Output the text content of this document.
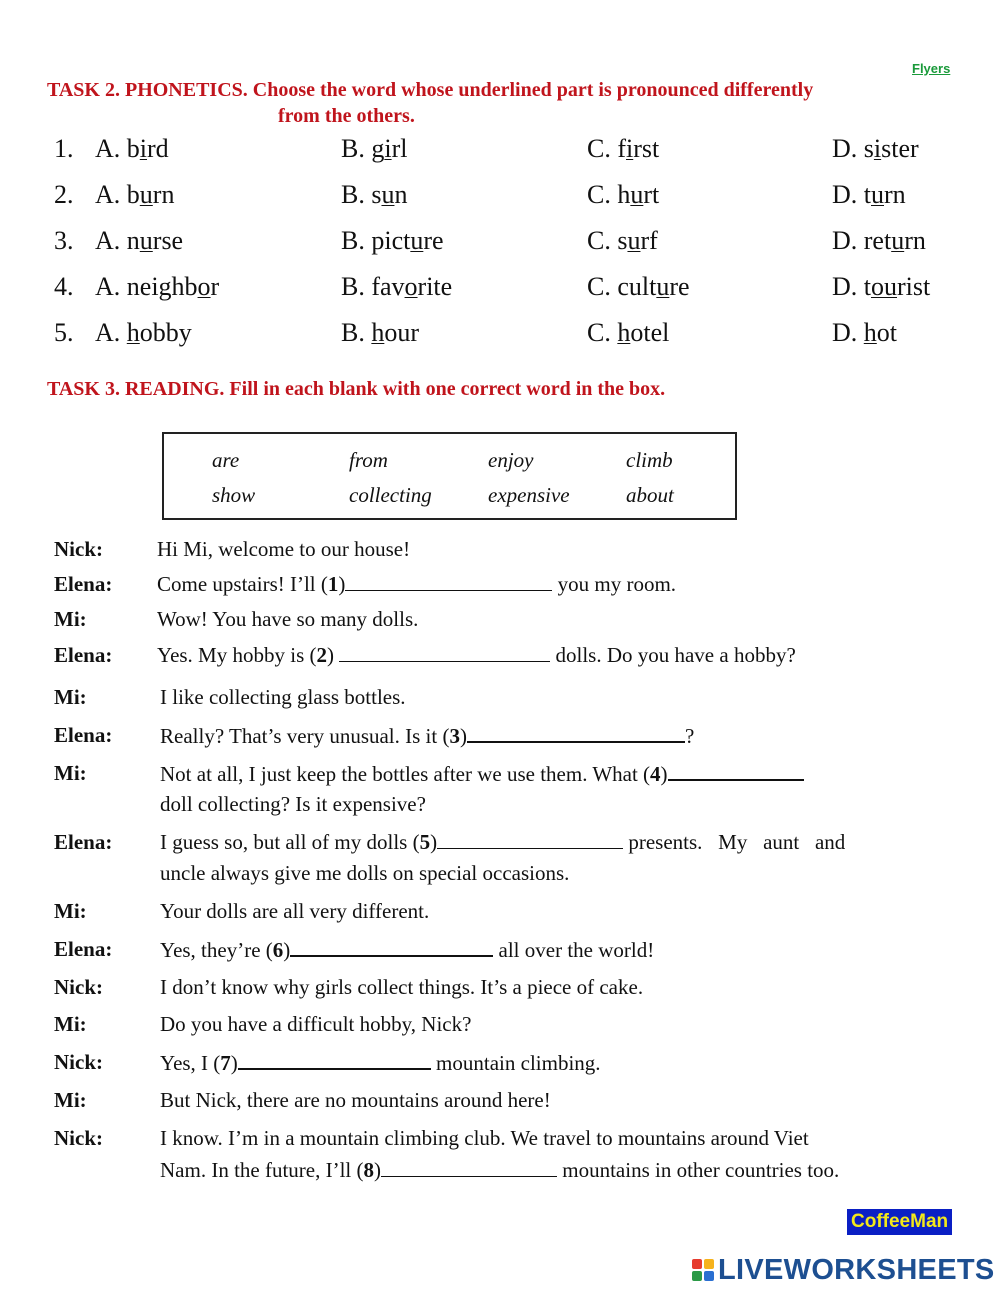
Flyers
TASK 2. PHONETICS. Choose the word whose underlined part is pronounced differently
from the others.
1. A. bird	B. girl	C. first	D. sister
2. A. burn	B. sun	C. hurt	D. turn
3. A. nurse	B. picture	C. surf	D. return
4. A. neighbor	B. favorite	C. culture	D. tourist
5. A. hobby	B. hour	C. hotel	D. hot
TASK 3. READING. Fill in each blank with one correct word in the box.
are	from	enjoy	climb
show	collecting	expensive	about
Nick:	Hi Mi, welcome to our house!
Elena: Come upstairs! I’ll (1)	you my room.
Mi:	Wow! You have so many dolls.
Elena: Yes. My hobby is (2)	dolls. Do you have a hobby?
Mi:	I like collecting glass bottles.
Elena: Really? That’s very unusual. Is it (3)	?
Mi:	Not at all, I just keep the bottles after we use them. What (4)
doll collecting? Is it expensive?
Elena: I guess so, but all of my dolls (5)	presents.   My   aunt   and
uncle always give me dolls on special occasions.
Mi:	Your dolls are all very different.
Elena: Yes, they’re (6)	all over the world!
Nick:	I don’t know why girls collect things. It’s a piece of cake.
Mi:	Do you have a difficult hobby, Nick?
Nick:	Yes, I (7)	mountain climbing.
Mi:	But Nick, there are no mountains around here!
Nick:	I know. I’m in a mountain climbing club. We travel to mountains around Viet
Nam. In the future, I’ll (8)	mountains in other countries too.
CoffeeMan
LIVEWORKSHEETS
